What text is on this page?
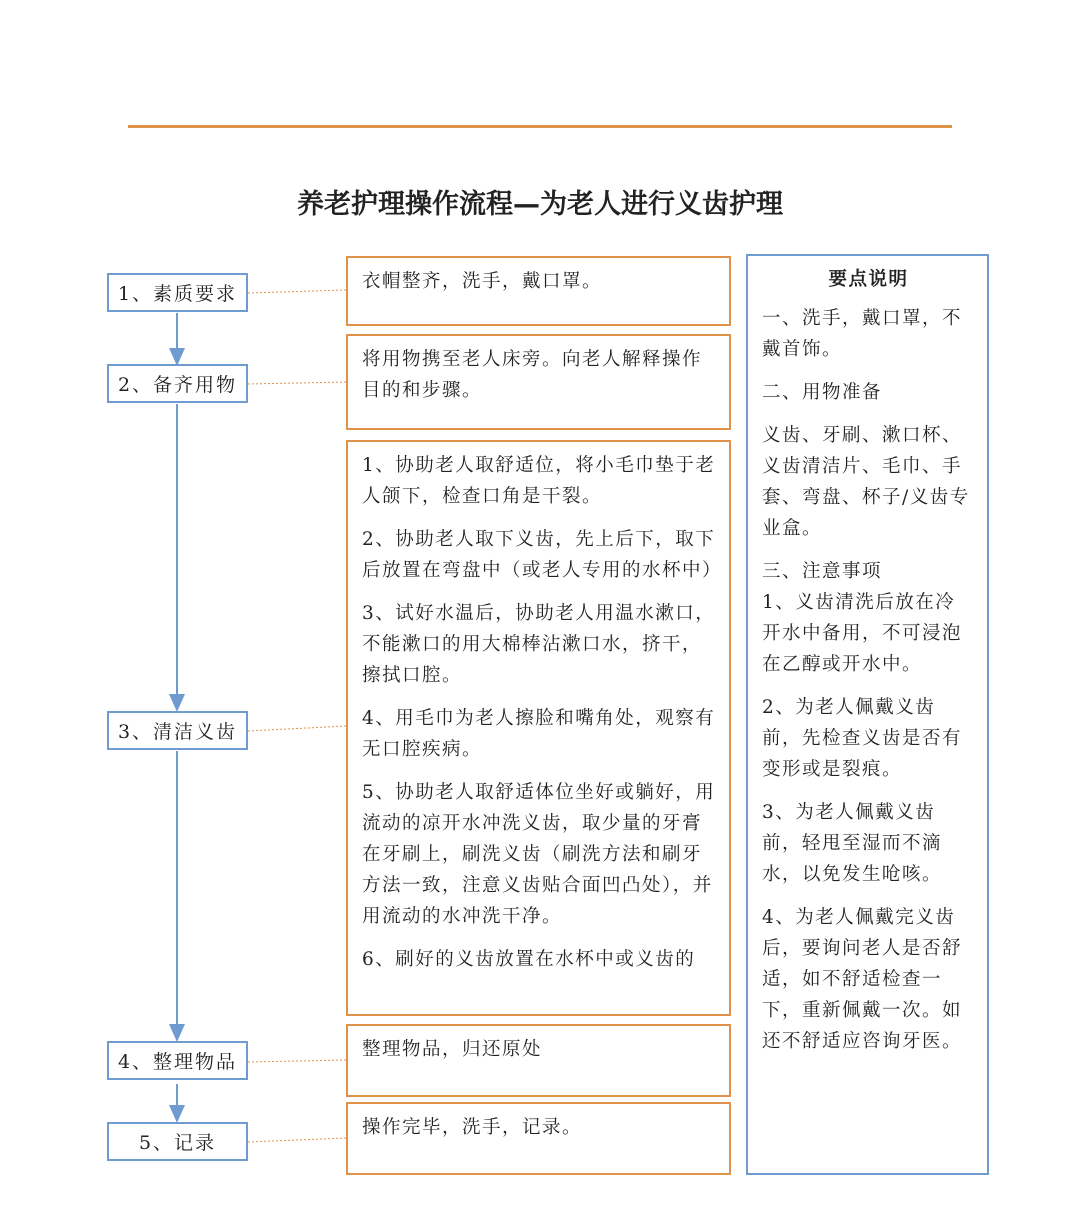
养老护理操作流程—为老人进行义齿护理
1、素质要求
2、备齐用物
3、清洁义齿
4、整理物品
5、记录

衣帽整齐，洗手，戴口罩。

将用物携至老人床旁。向老人解释操作目的和步骤。

1、协助老人取舒适位，将小毛巾垫于老人颌下，检查口角是干裂。

2、协助老人取下义齿，先上后下，取下后放置在弯盘中（或老人专用的水杯中）

3、试好水温后，协助老人用温水漱口，不能漱口的用大棉棒沾漱口水，挤干，擦拭口腔。

4、用毛巾为老人擦脸和嘴角处，观察有无口腔疾病。

5、协助老人取舒适体位坐好或躺好，用流动的凉开水冲洗义齿，取少量的牙膏在牙刷上，刷洗义齿（刷洗方法和刷牙方法一致，注意义齿贴合面凹凸处），并用流动的水冲洗干净。

6、刷好的义齿放置在水杯中或义齿的

整理物品，归还原处

操作完毕，洗手，记录。

要点说明

一、洗手，戴口罩，不戴首饰。

二、用物准备

义齿、牙刷、漱口杯、义齿清洁片、毛巾、手套、弯盘、杯子/义齿专业盒。

三、注意事项

1、义齿清洗后放在冷开水中备用，不可浸泡在乙醇或开水中。

2、为老人佩戴义齿前，先检查义齿是否有变形或是裂痕。

3、为老人佩戴义齿前，轻甩至湿而不滴水，以免发生呛咳。

4、为老人佩戴完义齿后，要询问老人是否舒适，如不舒适检查一下，重新佩戴一次。如还不舒适应咨询牙医。
